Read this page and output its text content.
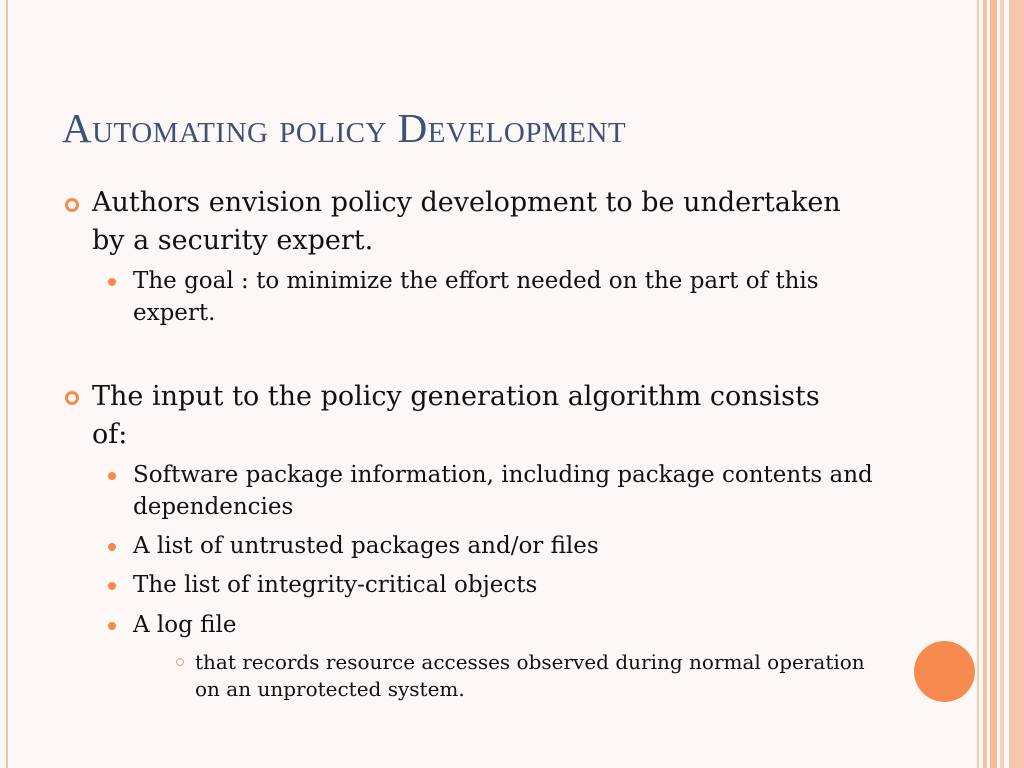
Automating policy Development
Authors envision policy development to be undertaken by a security expert.
The goal : to minimize the effort needed on the part of this expert.
The input to the policy generation algorithm consists of:
Software package information, including package contents and dependencies
A list of untrusted packages and/or files
The list of integrity-critical objects
A log file
that records resource accesses observed during normal operation on an unprotected system.
